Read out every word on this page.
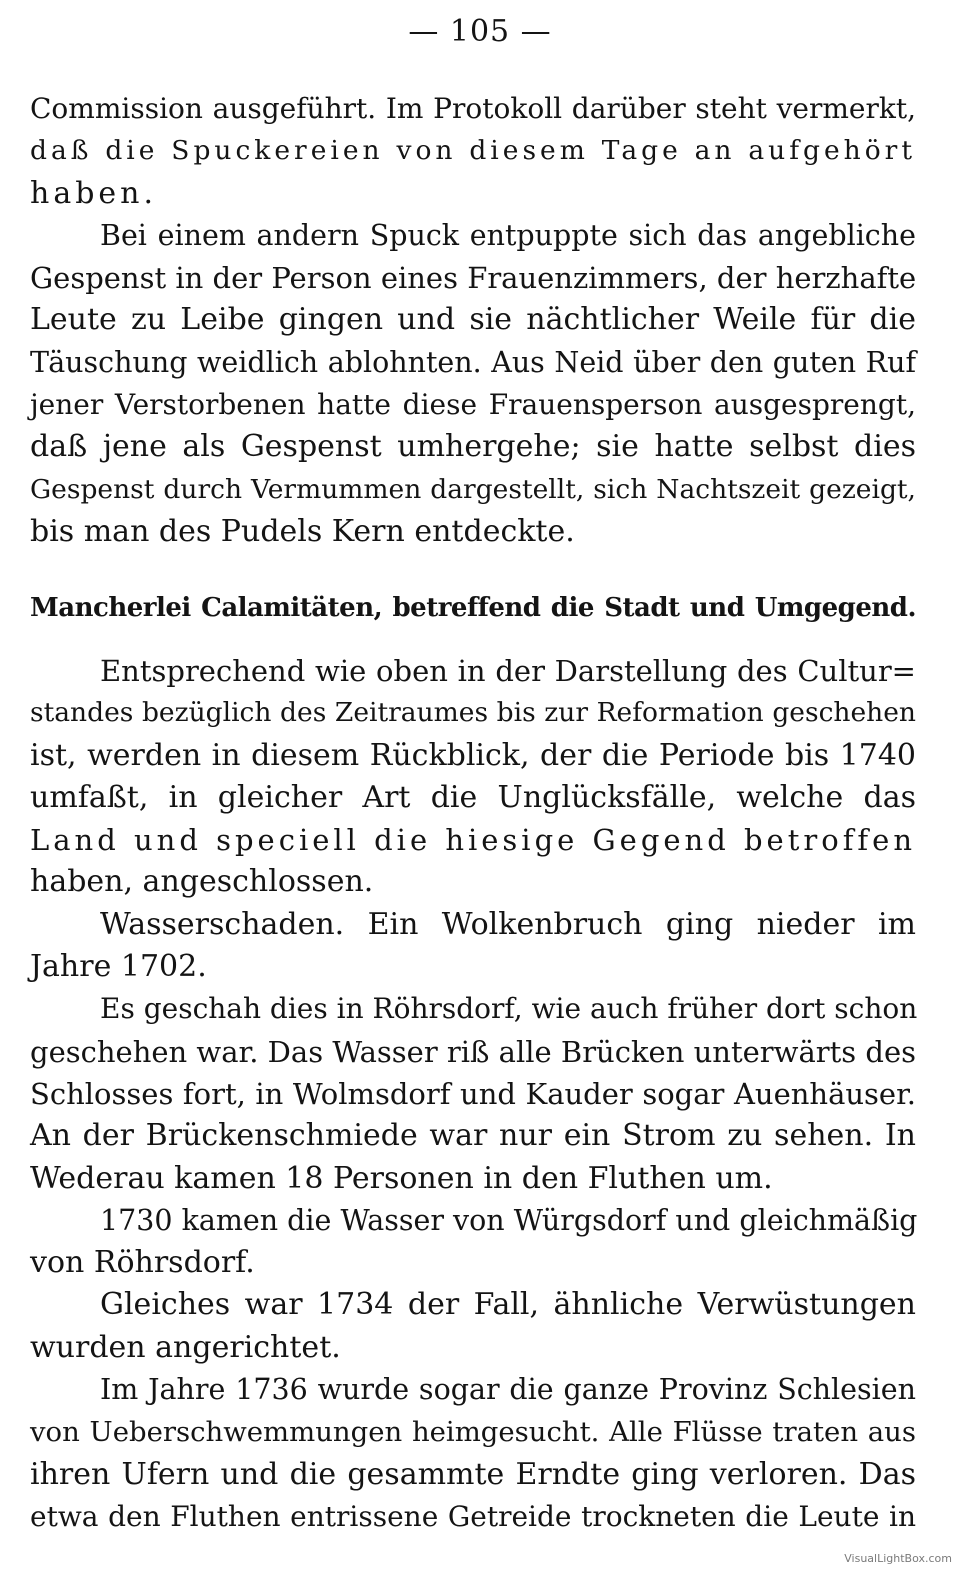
— 105 —
Commission ausgeführt. Im Protokoll darüber steht vermerkt,
daß die Spuckereien von diesem Tage an aufgehört
haben.
Bei einem andern Spuck entpuppte sich das angebliche
Gespenst in der Person eines Frauenzimmers, der herzhafte
Leute zu Leibe gingen und sie nächtlicher Weile für die
Täuschung weidlich ablohnten. Aus Neid über den guten Ruf
jener Verstorbenen hatte diese Frauensperson ausgesprengt,
daß jene als Gespenst umhergehe; sie hatte selbst dies
Gespenst durch Vermummen dargestellt, sich Nachtszeit gezeigt,
bis man des Pudels Kern entdeckte.
Mancherlei Calamitäten, betreffend die Stadt und Umgegend.
Entsprechend wie oben in der Darstellung des Cultur=
standes bezüglich des Zeitraumes bis zur Reformation geschehen
ist, werden in diesem Rückblick, der die Periode bis 1740
umfaßt, in gleicher Art die Unglücksfälle, welche das
Land und speciell die hiesige Gegend betroffen
haben, angeschlossen.
Wasserschaden. Ein Wolkenbruch ging nieder im
Jahre 1702.
Es geschah dies in Röhrsdorf, wie auch früher dort schon
geschehen war. Das Wasser riß alle Brücken unterwärts des
Schlosses fort, in Wolmsdorf und Kauder sogar Auenhäuser.
An der Brückenschmiede war nur ein Strom zu sehen. In
Wederau kamen 18 Personen in den Fluthen um.
1730 kamen die Wasser von Würgsdorf und gleichmäßig
von Röhrsdorf.
Gleiches war 1734 der Fall, ähnliche Verwüstungen
wurden angerichtet.
Im Jahre 1736 wurde sogar die ganze Provinz Schlesien
von Ueberschwemmungen heimgesucht. Alle Flüsse traten aus
ihren Ufern und die gesammte Erndte ging verloren. Das
etwa den Fluthen entrissene Getreide trockneten die Leute in
VisualLightBox.com
